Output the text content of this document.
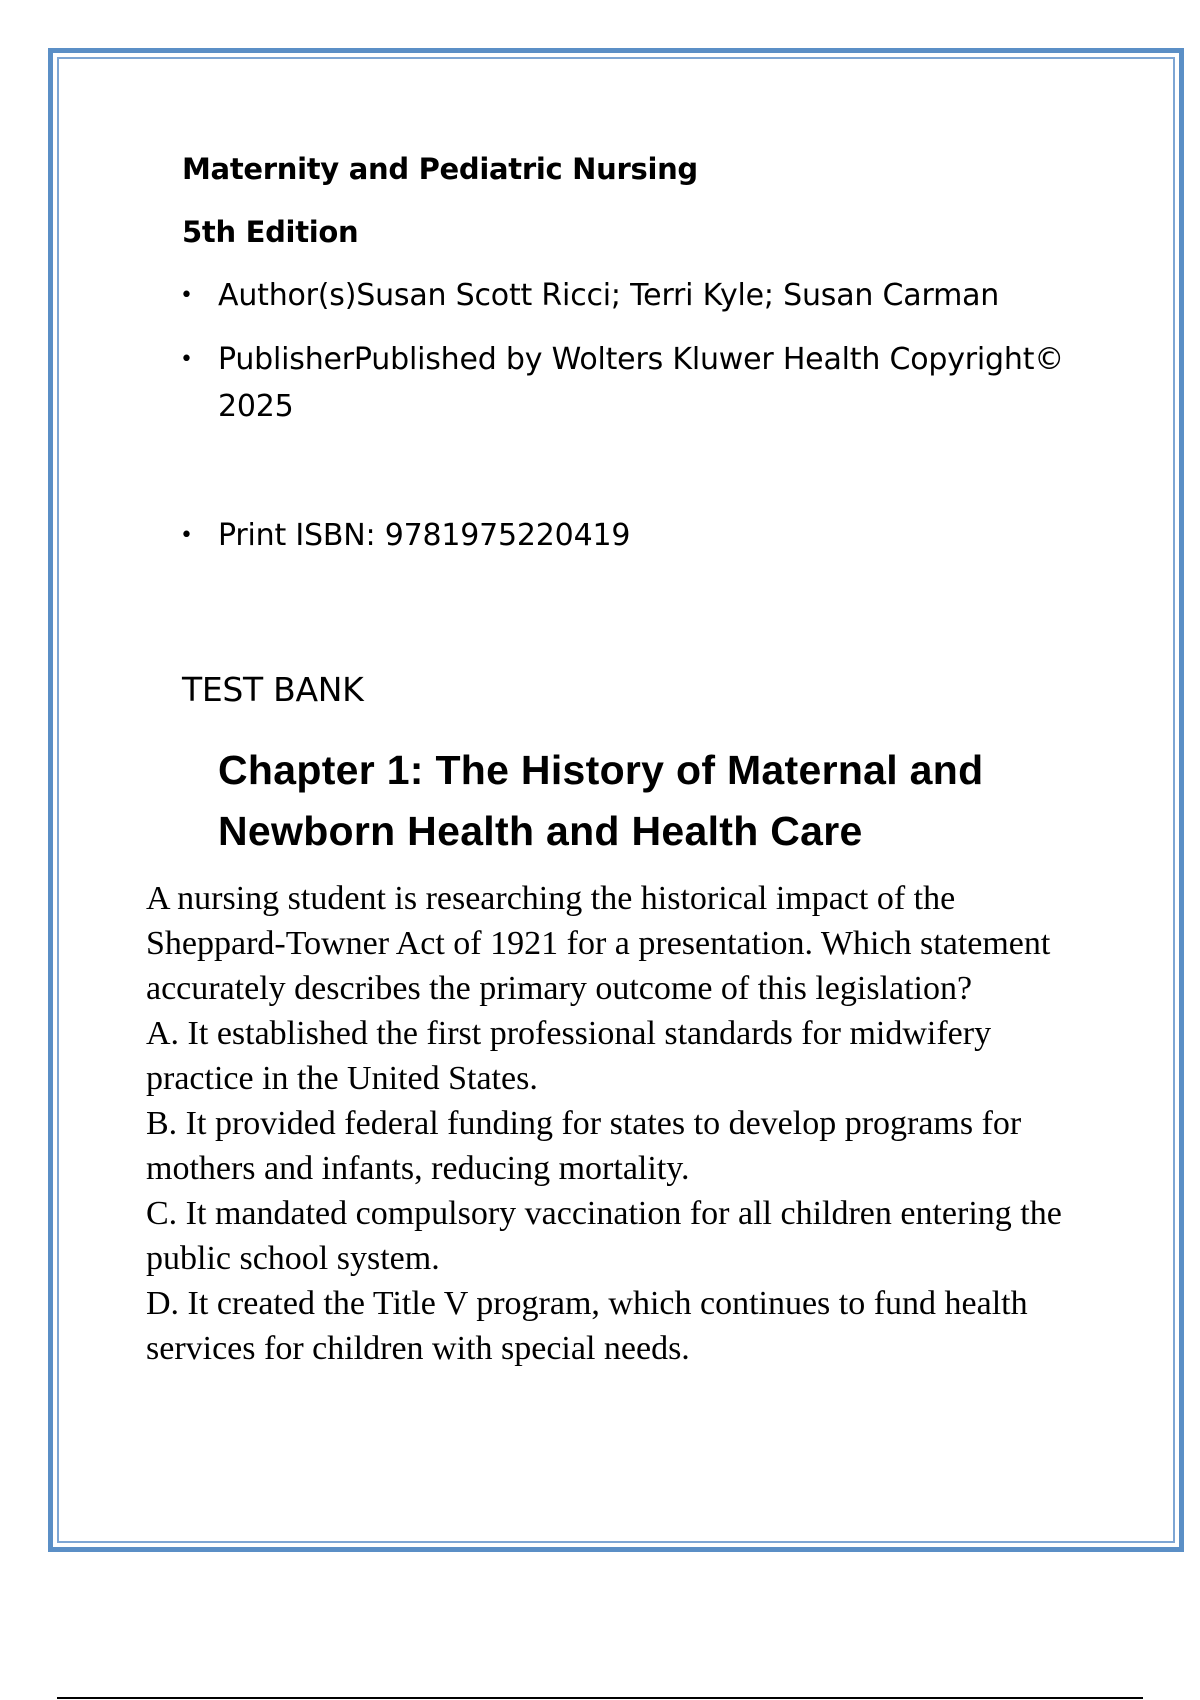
Maternity and Pediatric Nursing
5th Edition
• Author(s)Susan Scott Ricci; Terri Kyle; Susan Carman
• PublisherPublished by Wolters Kluwer Health Copyright© 2025
• Print ISBN: 9781975220419
TEST BANK
Chapter 1: The History of Maternal and Newborn Health and Health Care

A nursing student is researching the historical impact of the Sheppard-Towner Act of 1921 for a presentation. Which statement accurately describes the primary outcome of this legislation?

A. It established the first professional standards for midwifery practice in the United States.

B. It provided federal funding for states to develop programs for mothers and infants, reducing mortality.

C. It mandated compulsory vaccination for all children entering the public school system.

D. It created the Title V program, which continues to fund health services for children with special needs.
